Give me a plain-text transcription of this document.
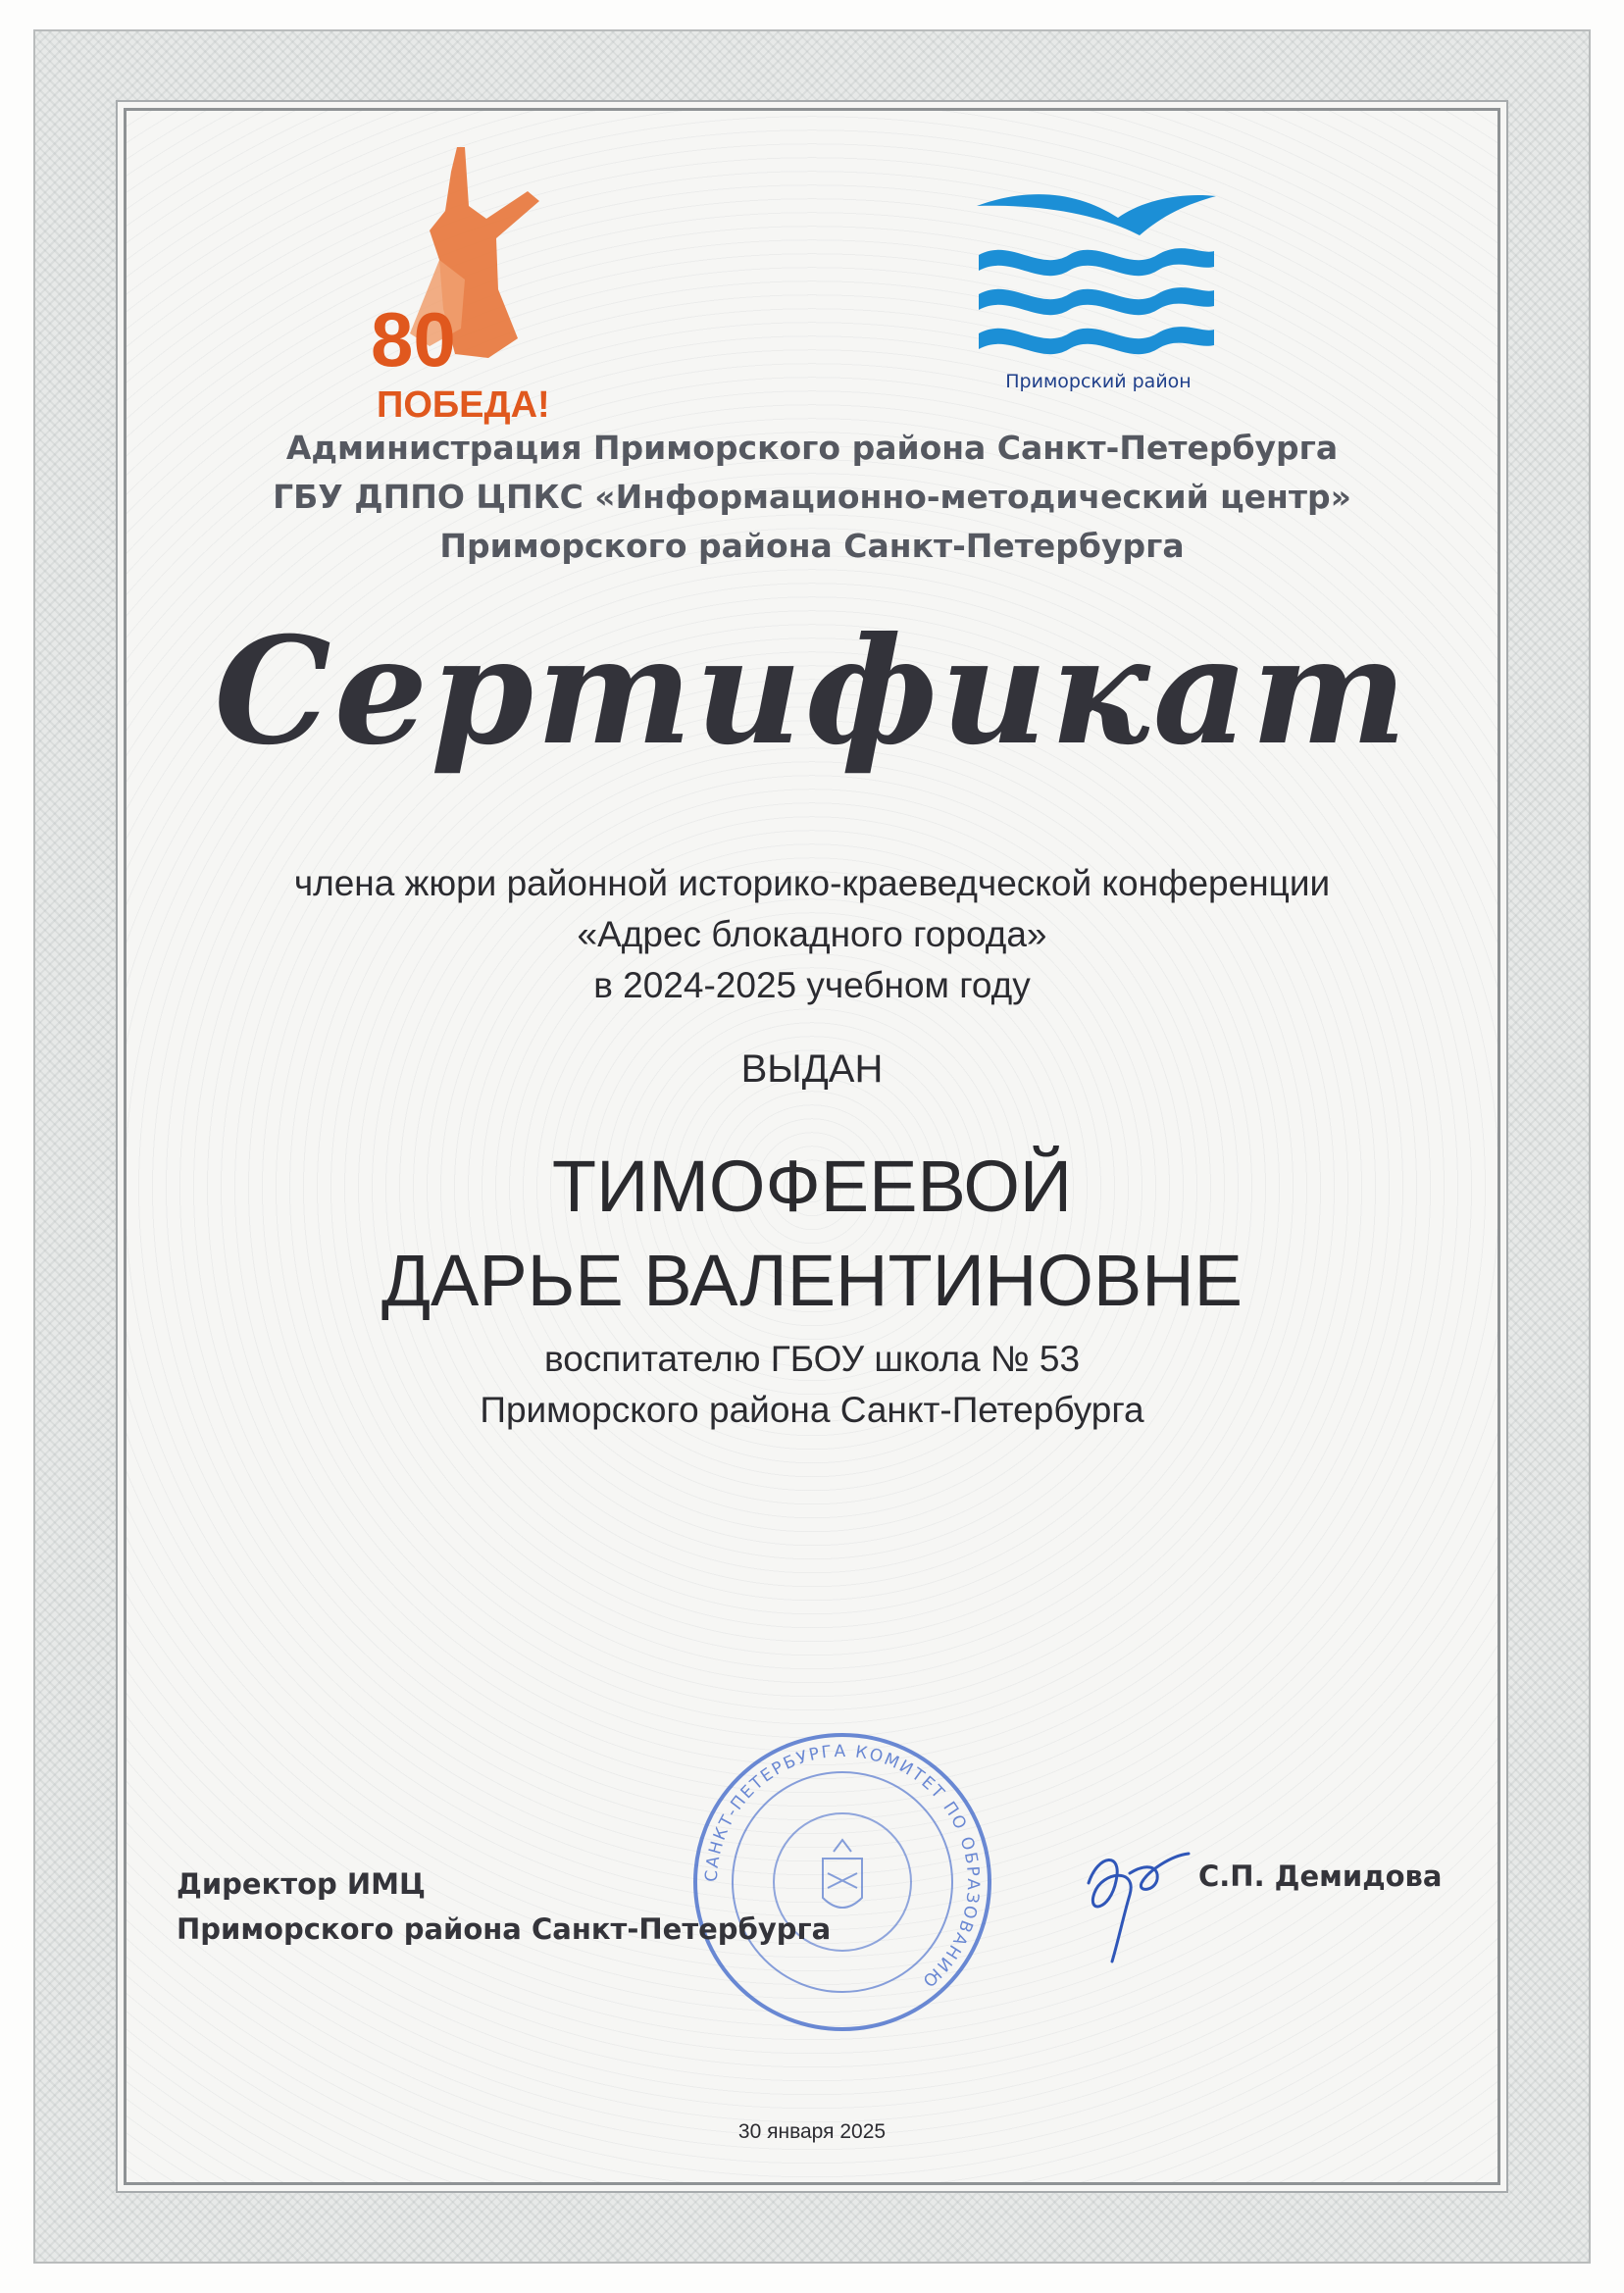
80
ПОБЕДА!
Приморский район
Администрация Приморского района Санкт-Петербурга
ГБУ ДППО ЦПКС «Информационно-методический центр»
Приморского района Санкт-Петербурга
Сертификат
члена жюри районной историко-краеведческой конференции
«Адрес блокадного города»
в 2024-2025 учебном году
ВЫДАН
ТИМОФЕЕВОЙ
ДАРЬЕ ВАЛЕНТИНОВНЕ
воспитателю ГБОУ школа № 53
Приморского района Санкт-Петербурга
САНКТ-ПЕТЕРБУРГА КОМИТЕТ ПО ОБРАЗОВАНИЮ
Директор ИМЦ
Приморского района Санкт-Петербурга
С.П. Демидова
30 января 2025
